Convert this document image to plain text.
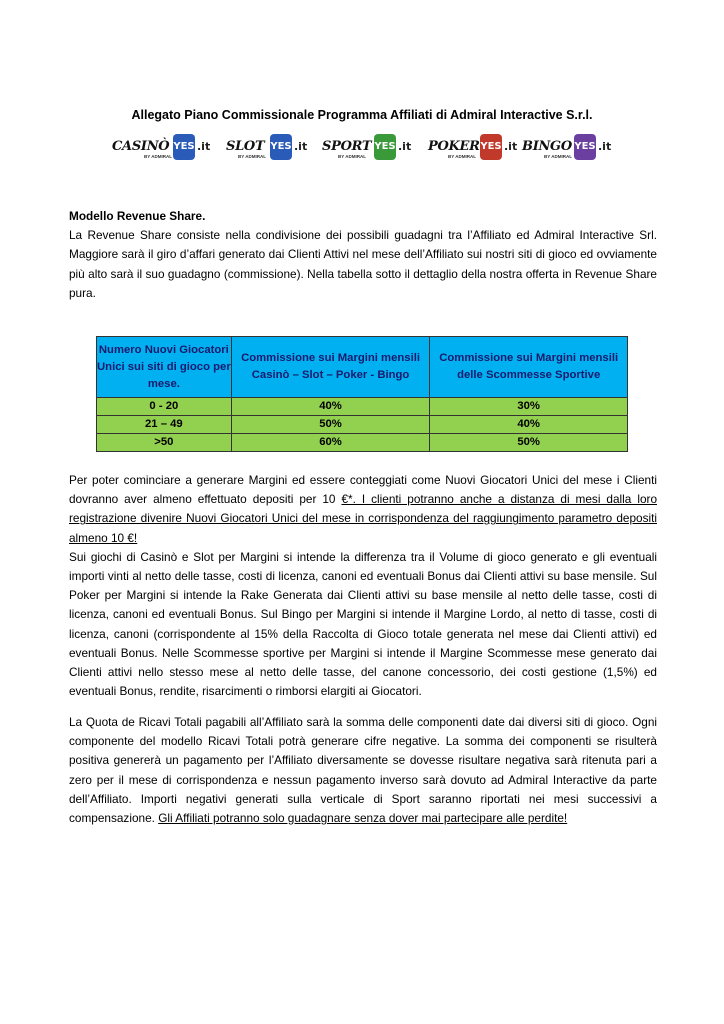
Allegato Piano Commissionale Programma Affiliati di Admiral Interactive S.r.l.
CASINÒ
BY ADMIRAL
YES .it SLOT
BY ADMIRAL
YES .it SPORT
BY ADMIRAL
YES .it POKER
BY ADMIRAL
YES .it BINGO
BY ADMIRAL
YES .it

Modello Revenue Share.

La Revenue Share consiste nella condivisione dei possibili guadagni tra l’Affiliato ed Admiral Interactive Srl. Maggiore sarà il giro d’affari generato dai Clienti Attivi nel mese dell’Affiliato sui nostri siti di gioco ed ovviamente più alto sarà il suo guadagno (commissione). Nella tabella sotto il dettaglio della nostra offerta in Revenue Share pura.

Numero Nuovi Giocatori Unici sui siti di gioco per mese.	Commissione sui Margini mensili Casinò – Slot – Poker - Bingo	Commissione sui Margini mensili delle Scommesse Sportive
0 - 20	40%	30%
21 – 49	50%	40%
>50	60%	50%

Per poter cominciare a generare Margini ed essere conteggiati come Nuovi Giocatori Unici del mese i Clienti dovranno aver almeno effettuato depositi per 10 €*. I clienti potranno anche a distanza di mesi dalla loro registrazione divenire Nuovi Giocatori Unici del mese in corrispondenza del raggiungimento parametro depositi almeno 10 €!

Sui giochi di Casinò e Slot per Margini si intende la differenza tra il Volume di gioco generato e gli eventuali importi vinti al netto delle tasse, costi di licenza, canoni ed eventuali Bonus dai Clienti attivi su base mensile. Sul Poker per Margini si intende la Rake Generata dai Clienti attivi su base mensile al netto delle tasse, costi di licenza, canoni ed eventuali Bonus. Sul Bingo per Margini si intende il Margine Lordo, al netto di tasse, costi di licenza, canoni (corrispondente al 15% della Raccolta di Gioco totale generata nel mese dai Clienti attivi) ed eventuali Bonus. Nelle Scommesse sportive per Margini si intende il Margine Scommesse mese generato dai Clienti attivi nello stesso mese al netto delle tasse, del canone concessorio, dei costi gestione (1,5%) ed eventuali Bonus, rendite, risarcimenti o rimborsi elargiti ai Giocatori.

La Quota de Ricavi Totali pagabili all’Affiliato sarà la somma delle componenti date dai diversi siti di gioco. Ogni componente del modello Ricavi Totali potrà generare cifre negative. La somma dei componenti se risulterà positiva genererà un pagamento per l’Affiliato diversamente se dovesse risultare negativa sarà ritenuta pari a zero per il mese di corrispondenza e nessun pagamento inverso sarà dovuto ad Admiral Interactive da parte dell’Affiliato. Importi negativi generati sulla verticale di Sport saranno riportati nei mesi successivi a compensazione. Gli Affiliati potranno solo guadagnare senza dover mai partecipare alle perdite!
